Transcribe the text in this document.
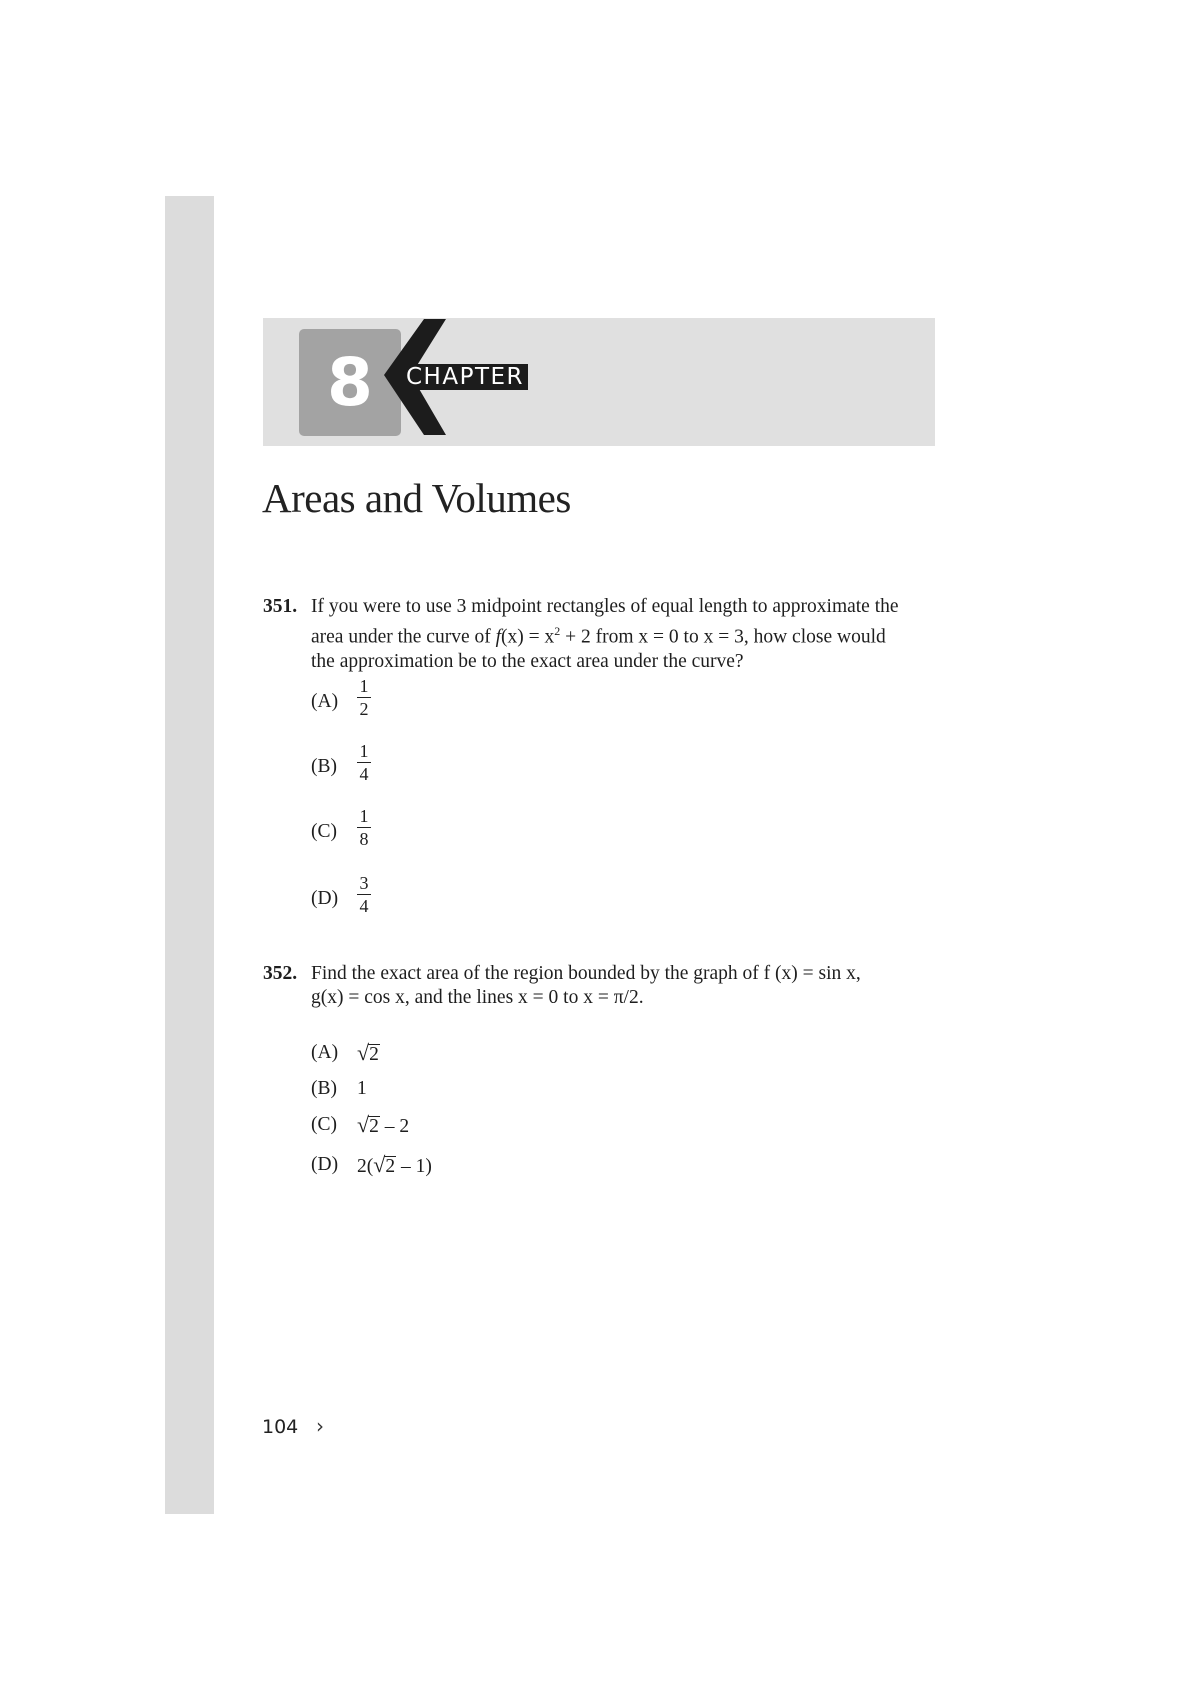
8	CHAPTER
Areas and Volumes
351. If you were to use 3 midpoint rectangles of equal length to approximate the
area under the curve of $f(x) = x^2 + 2$ from x = 0 to x = 3, how close would
the approximation be to the exact area under the curve?
(A)
1
2
(B)
1
4
(C)
1
8
(D)
3
4
352. Find the exact area of the region bounded by the graph of f (x) = sin x,
g(x) = cos x, and the lines x = 0 to x = π/2.
(A) √2
(B) 1
(C) √2 – 2
(D) 2(√2 – 1)
104 ›
